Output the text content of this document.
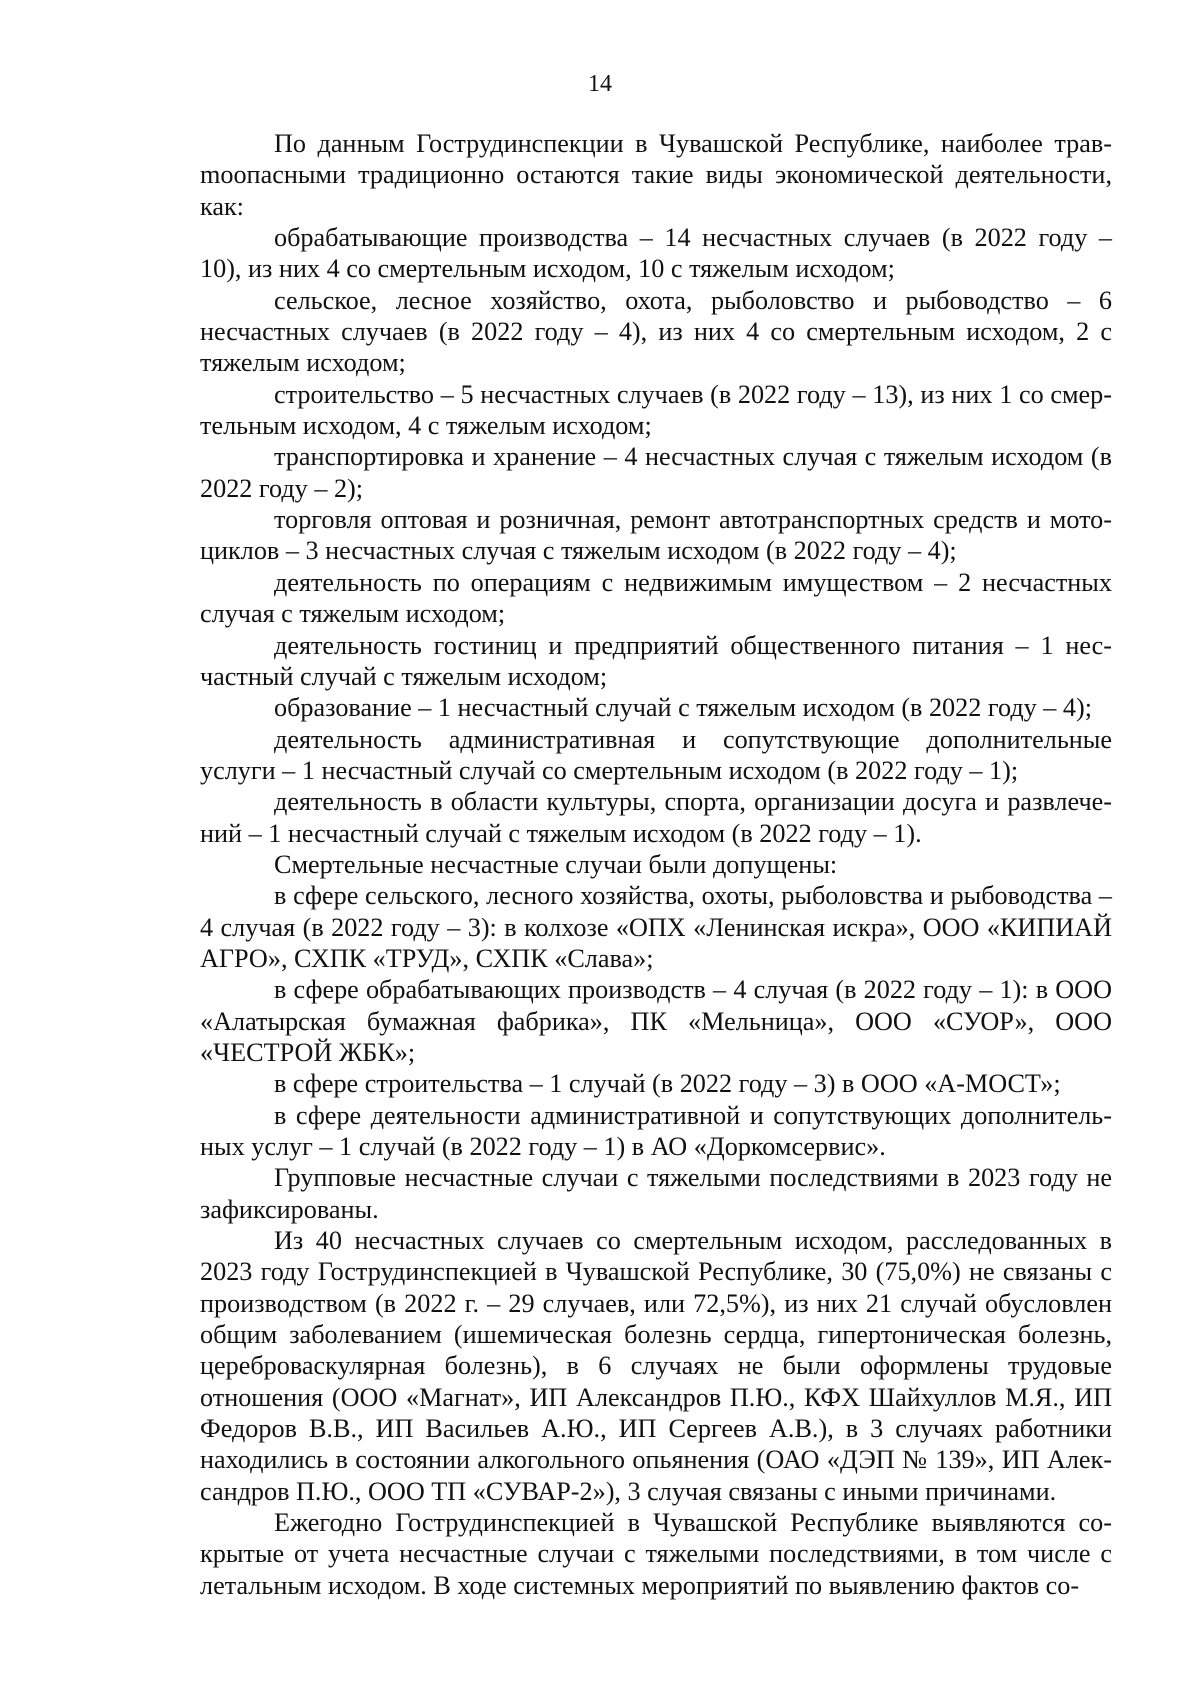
14

По данным Гострудинспекции в Чувашской Республике, наиболее травmoопасными традиционно остаются такие виды экономической деятельности, как:

обрабатывающие производства – 14 несчастных случаев (в 2022 году – 10), из них 4 со смертельным исходом, 10 с тяжелым исходом;

сельское, лесное хозяйство, охота, рыболовство и рыбоводство – 6 несчастных случаев (в 2022 году – 4), из них 4 со смертельным исходом, 2 с тяжелым исходом;

строительство – 5 несчастных случаев (в 2022 году – 13), из них 1 со смертельным исходом, 4 с тяжелым исходом;

транспортировка и хранение – 4 несчастных случая с тяжелым исходом (в 2022 году – 2);

торговля оптовая и розничная, ремонт автотранспортных средств и мотоциклов – 3 несчастных случая с тяжелым исходом (в 2022 году – 4);

деятельность по операциям с недвижимым имуществом – 2 несчастных случая с тяжелым исходом;

деятельность гостиниц и предприятий общественного питания – 1 несчастный случай с тяжелым исходом;

образование – 1 несчастный случай с тяжелым исходом (в 2022 году – 4);

деятельность административная и сопутствующие дополнительные услуги – 1 несчастный случай со смертельным исходом (в 2022 году – 1);

деятельность в области культуры, спорта, организации досуга и развлечений – 1 несчастный случай с тяжелым исходом (в 2022 году – 1).

Смертельные несчастные случаи были допущены:

в сфере сельского, лесного хозяйства, охоты, рыболовства и рыбоводства – 4 случая (в 2022 году – 3): в колхозе «ОПХ «Ленинская искра», ООО «КИПИАЙ АГРО», СХПК «ТРУД», СХПК «Слава»;

в сфере обрабатывающих производств – 4 случая (в 2022 году – 1): в ООО «Алатырская бумажная фабрика», ПК «Мельница», ООО «СУОР», ООО «ЧЕСТРОЙ ЖБК»;

в сфере строительства – 1 случай (в 2022 году – 3) в ООО «А-МОСТ»;

в сфере деятельности административной и сопутствующих дополнительных услуг – 1 случай (в 2022 году – 1) в АО «Доркомсервис».

Групповые несчастные случаи с тяжелыми последствиями в 2023 году не зафиксированы.

Из 40 несчастных случаев со смертельным исходом, расследованных в 2023 году Гострудинспекцией в Чувашской Республике, 30 (75,0%) не связаны с производством (в 2022 г. – 29 случаев, или 72,5%), из них 21 случай обусловлен общим заболеванием (ишемическая болезнь сердца, гипертоническая болезнь, цереброваскулярная болезнь), в 6 случаях не были оформлены трудовые отношения (ООО «Магнат», ИП Александров П.Ю., КФХ Шайхуллов М.Я., ИП Федоров В.В., ИП Васильев А.Ю., ИП Сергеев А.В.), в 3 случаях работники находились в состоянии алкогольного опьянения (ОАО «ДЭП № 139», ИП Александров П.Ю., ООО ТП «СУВАР-2»), 3 случая связаны с иными причинами.

Ежегодно Гострудинспекцией в Чувашской Республике выявляются сокрытые от учета несчастные случаи с тяжелыми последствиями, в том числе с летальным исходом. В ходе системных мероприятий по выявлению фактов со-
